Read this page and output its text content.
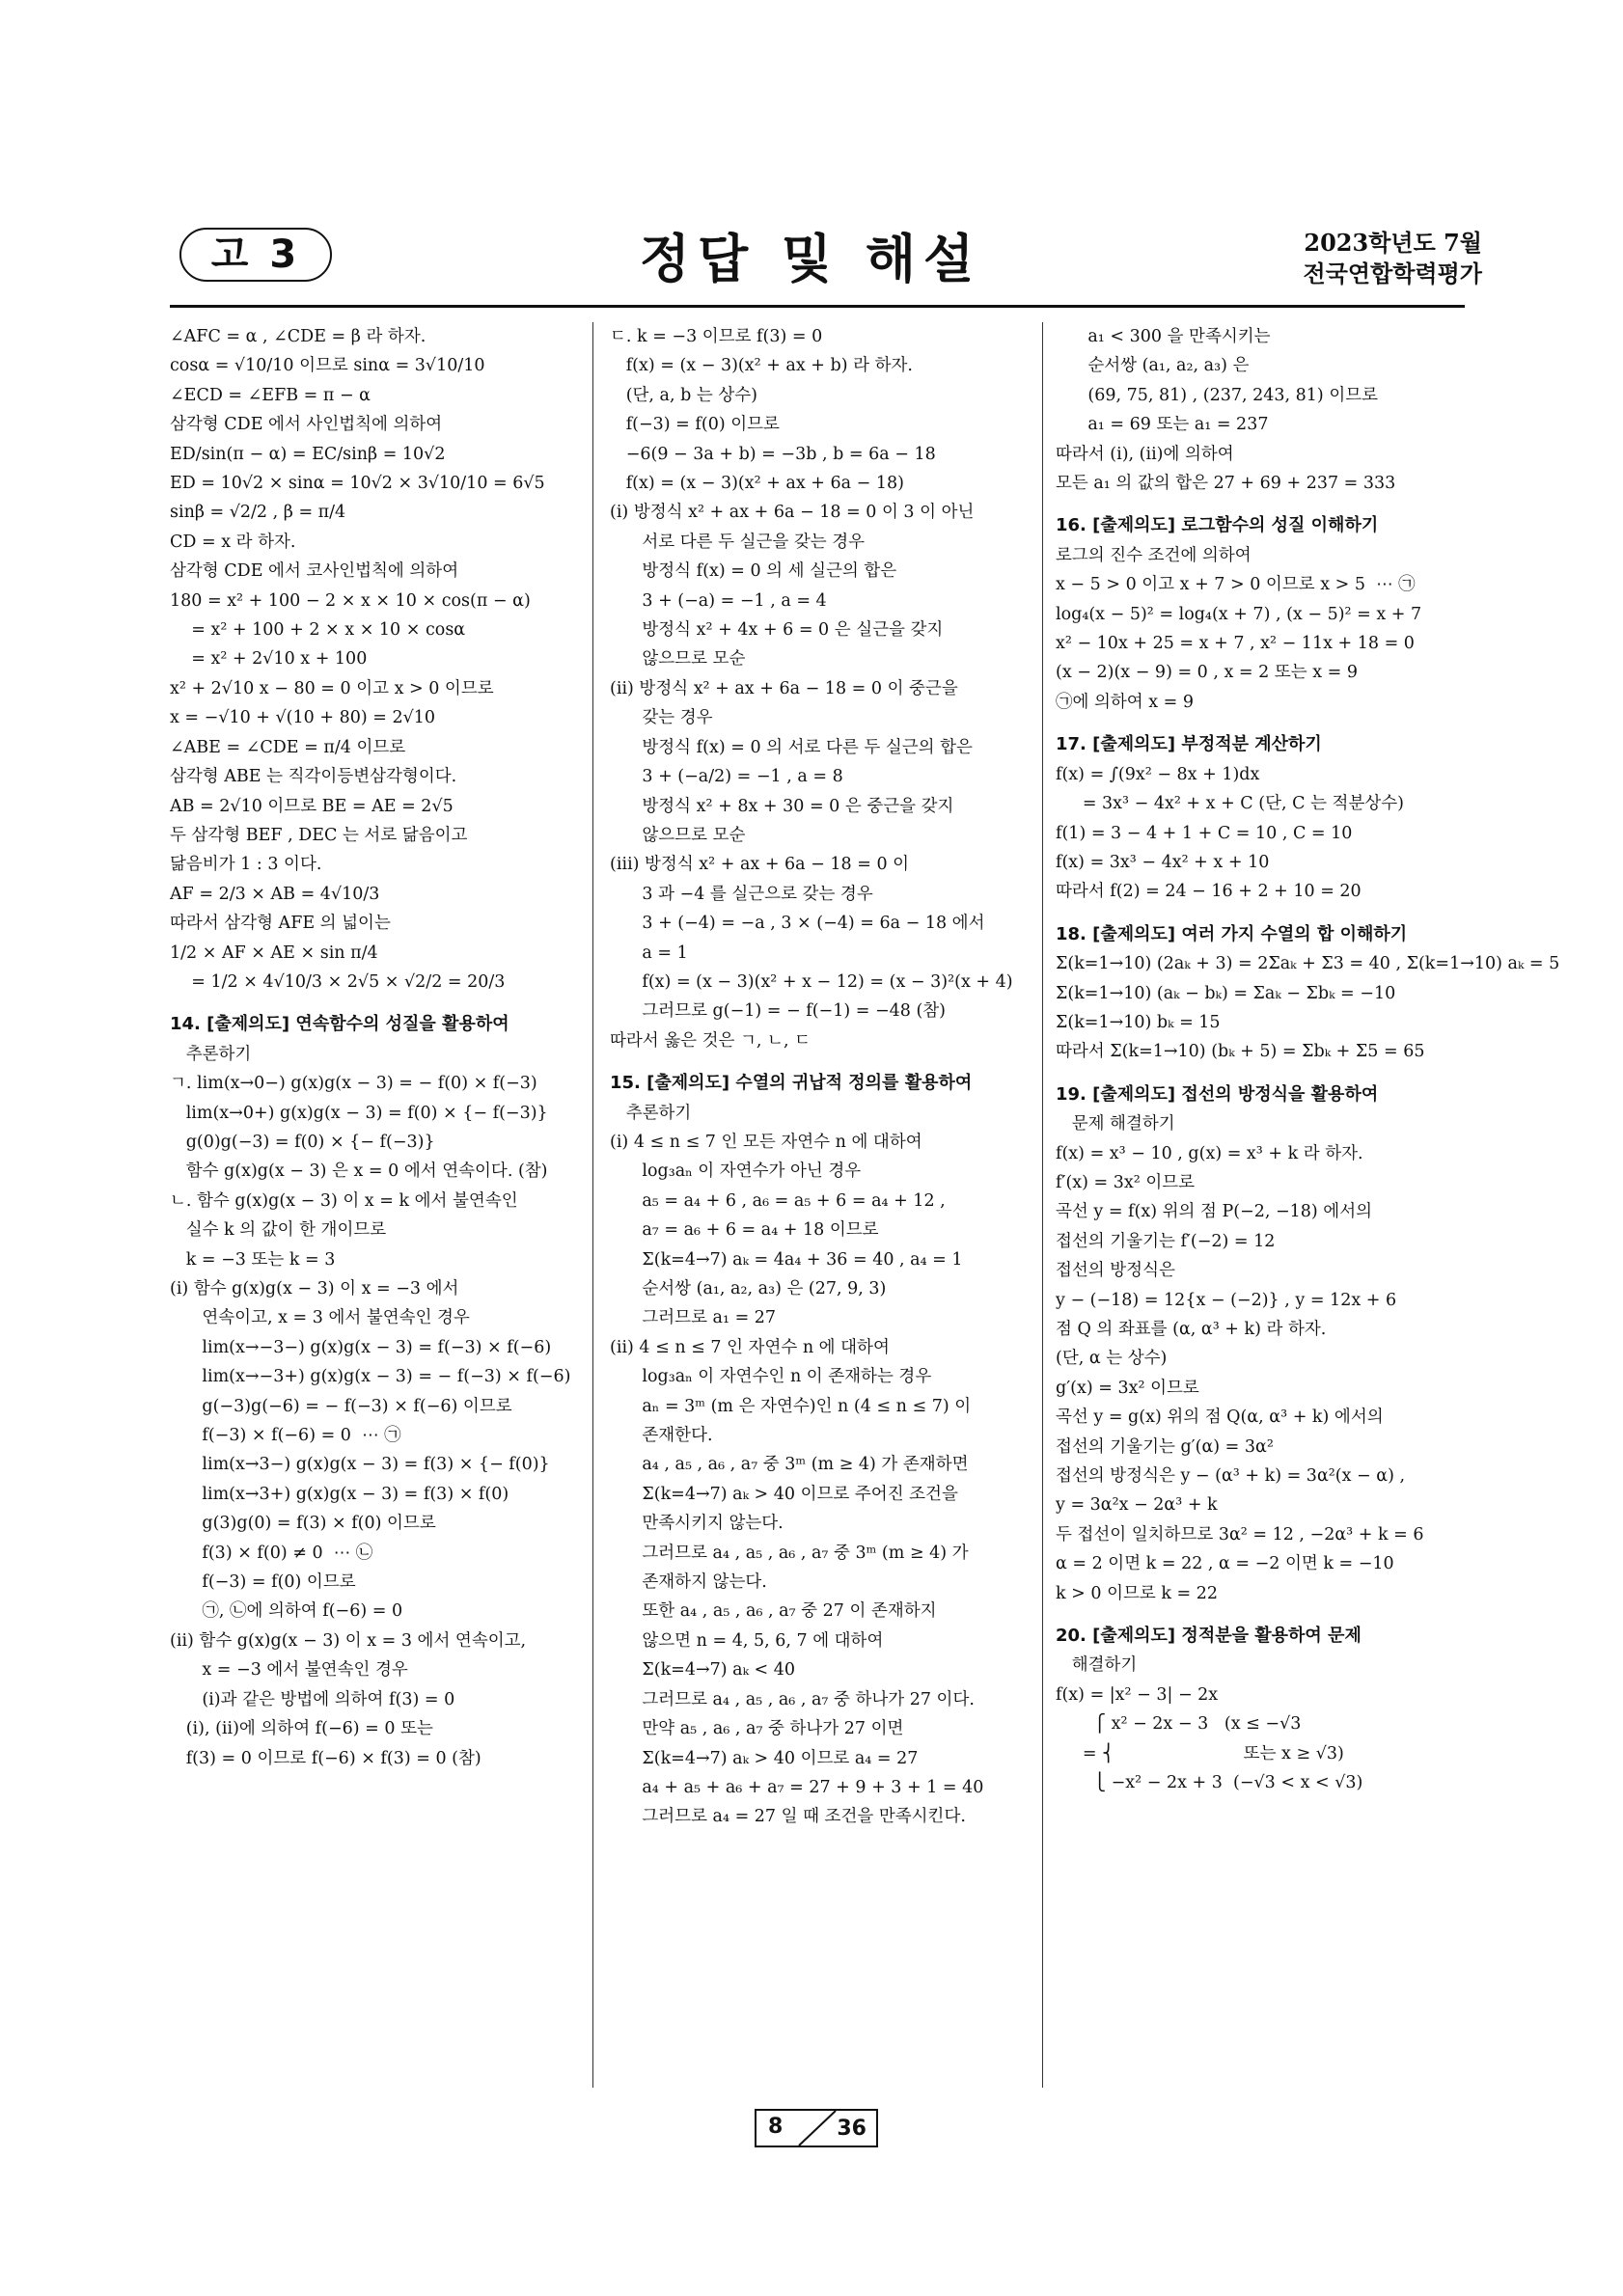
고 3	정답 및 해설	2023학년도 7월
전국연합학력평가
∠AFC = α , ∠CDE = β 라 하자.
cosα = √10/10 이므로 sinα = 3√10/10
∠ECD = ∠EFB = π − α
삼각형 CDE 에서 사인법칙에 의하여
ED/sin(π − α) = EC/sinβ = 10√2
ED = 10√2 × sinα = 10√2 × 3√10/10 = 6√5
sinβ = √2/2 , β = π/4
CD = x 라 하자.
삼각형 CDE 에서 코사인법칙에 의하여
180 = x² + 100 − 2 × x × 10 × cos(π − α)
= x² + 100 + 2 × x × 10 × cosα
= x² + 2√10 x + 100
x² + 2√10 x − 80 = 0 이고 x > 0 이므로
x = −√10 + √(10 + 80) = 2√10
∠ABE = ∠CDE = π/4 이므로
삼각형 ABE 는 직각이등변삼각형이다.
AB = 2√10 이므로 BE = AE = 2√5
두 삼각형 BEF , DEC 는 서로 닮음이고
닮음비가 1 : 3 이다.
AF = 2/3 × AB = 4√10/3
따라서 삼각형 AFE 의 넓이는
1/2 × AF × AE × sin π/4
= 1/2 × 4√10/3 × 2√5 × √2/2 = 20/3
14. [출제의도] 연속함수의 성질을 활용하여
추론하기
ㄱ. lim(x→0−) g(x)g(x − 3) = − f(0) × f(−3)
lim(x→0+) g(x)g(x − 3) = f(0) × {− f(−3)}
g(0)g(−3) = f(0) × {− f(−3)}
함수 g(x)g(x − 3) 은 x = 0 에서 연속이다. (참)
ㄴ. 함수 g(x)g(x − 3) 이 x = k 에서 불연속인
실수 k 의 값이 한 개이므로
k = −3 또는 k = 3
(ⅰ) 함수 g(x)g(x − 3) 이 x = −3 에서
연속이고, x = 3 에서 불연속인 경우
lim(x→−3−) g(x)g(x − 3) = f(−3) × f(−6)
lim(x→−3+) g(x)g(x − 3) = − f(−3) × f(−6)
g(−3)g(−6) = − f(−3) × f(−6) 이므로
f(−3) × f(−6) = 0  ⋯ ㉠
lim(x→3−) g(x)g(x − 3) = f(3) × {− f(0)}
lim(x→3+) g(x)g(x − 3) = f(3) × f(0)
g(3)g(0) = f(3) × f(0) 이므로
f(3) × f(0) ≠ 0  ⋯ ㉡
f(−3) = f(0) 이므로
㉠, ㉡에 의하여 f(−6) = 0
(ⅱ) 함수 g(x)g(x − 3) 이 x = 3 에서 연속이고,
x = −3 에서 불연속인 경우
(ⅰ)과 같은 방법에 의하여 f(3) = 0
(ⅰ), (ⅱ)에 의하여 f(−6) = 0 또는
f(3) = 0 이므로 f(−6) × f(3) = 0 (참)
ㄷ. k = −3 이므로 f(3) = 0
f(x) = (x − 3)(x² + ax + b) 라 하자.
(단, a, b 는 상수)
f(−3) = f(0) 이므로
−6(9 − 3a + b) = −3b , b = 6a − 18
f(x) = (x − 3)(x² + ax + 6a − 18)
(ⅰ) 방정식 x² + ax + 6a − 18 = 0 이 3 이 아닌
서로 다른 두 실근을 갖는 경우
방정식 f(x) = 0 의 세 실근의 합은
3 + (−a) = −1 , a = 4
방정식 x² + 4x + 6 = 0 은 실근을 갖지
않으므로 모순
(ⅱ) 방정식 x² + ax + 6a − 18 = 0 이 중근을
갖는 경우
방정식 f(x) = 0 의 서로 다른 두 실근의 합은
3 + (−a/2) = −1 , a = 8
방정식 x² + 8x + 30 = 0 은 중근을 갖지
않으므로 모순
(ⅲ) 방정식 x² + ax + 6a − 18 = 0 이
3 과 −4 를 실근으로 갖는 경우
3 + (−4) = −a , 3 × (−4) = 6a − 18 에서
a = 1
f(x) = (x − 3)(x² + x − 12) = (x − 3)²(x + 4)
그러므로 g(−1) = − f(−1) = −48 (참)
따라서 옳은 것은 ㄱ, ㄴ, ㄷ
15. [출제의도] 수열의 귀납적 정의를 활용하여
추론하기
(ⅰ) 4 ≤ n ≤ 7 인 모든 자연수 n 에 대하여
log₃aₙ 이 자연수가 아닌 경우
a₅ = a₄ + 6 , a₆ = a₅ + 6 = a₄ + 12 ,
a₇ = a₆ + 6 = a₄ + 18 이므로
Σ(k=4→7) aₖ = 4a₄ + 36 = 40 , a₄ = 1
순서쌍 (a₁, a₂, a₃) 은 (27, 9, 3)
그러므로 a₁ = 27
(ⅱ) 4 ≤ n ≤ 7 인 자연수 n 에 대하여
log₃aₙ 이 자연수인 n 이 존재하는 경우
aₙ = 3ᵐ (m 은 자연수)인 n (4 ≤ n ≤ 7) 이
존재한다.
a₄ , a₅ , a₆ , a₇ 중 3ᵐ (m ≥ 4) 가 존재하면
Σ(k=4→7) aₖ > 40 이므로 주어진 조건을
만족시키지 않는다.
그러므로 a₄ , a₅ , a₆ , a₇ 중 3ᵐ (m ≥ 4) 가
존재하지 않는다.
또한 a₄ , a₅ , a₆ , a₇ 중 27 이 존재하지
않으면 n = 4, 5, 6, 7 에 대하여
Σ(k=4→7) aₖ < 40
그러므로 a₄ , a₅ , a₆ , a₇ 중 하나가 27 이다.
만약 a₅ , a₆ , a₇ 중 하나가 27 이면
Σ(k=4→7) aₖ > 40 이므로 a₄ = 27
a₄ + a₅ + a₆ + a₇ = 27 + 9 + 3 + 1 = 40
그러므로 a₄ = 27 일 때 조건을 만족시킨다.
a₁ < 300 을 만족시키는
순서쌍 (a₁, a₂, a₃) 은
(69, 75, 81) , (237, 243, 81) 이므로
a₁ = 69 또는 a₁ = 237
따라서 (ⅰ), (ⅱ)에 의하여
모든 a₁ 의 값의 합은 27 + 69 + 237 = 333
16. [출제의도] 로그함수의 성질 이해하기
로그의 진수 조건에 의하여
x − 5 > 0 이고 x + 7 > 0 이므로 x > 5  ⋯ ㉠
log₄(x − 5)² = log₄(x + 7) , (x − 5)² = x + 7
x² − 10x + 25 = x + 7 , x² − 11x + 18 = 0
(x − 2)(x − 9) = 0 , x = 2 또는 x = 9
㉠에 의하여 x = 9
17. [출제의도] 부정적분 계산하기
f(x) = ∫(9x² − 8x + 1)dx
= 3x³ − 4x² + x + C (단, C 는 적분상수)
f(1) = 3 − 4 + 1 + C = 10 , C = 10
f(x) = 3x³ − 4x² + x + 10
따라서 f(2) = 24 − 16 + 2 + 10 = 20
18. [출제의도] 여러 가지 수열의 합 이해하기
Σ(k=1→10) (2aₖ + 3) = 2Σaₖ + Σ3 = 40 , Σ(k=1→10) aₖ = 5
Σ(k=1→10) (aₖ − bₖ) = Σaₖ − Σbₖ = −10
Σ(k=1→10) bₖ = 15
따라서 Σ(k=1→10) (bₖ + 5) = Σbₖ + Σ5 = 65
19. [출제의도] 접선의 방정식을 활용하여
문제 해결하기
f(x) = x³ − 10 , g(x) = x³ + k 라 하자.
f′(x) = 3x² 이므로
곡선 y = f(x) 위의 점 P(−2, −18) 에서의
접선의 기울기는 f′(−2) = 12
접선의 방정식은
y − (−18) = 12{x − (−2)} , y = 12x + 6
점 Q 의 좌표를 (α, α³ + k) 라 하자.
(단, α 는 상수)
g′(x) = 3x² 이므로
곡선 y = g(x) 위의 점 Q(α, α³ + k) 에서의
접선의 기울기는 g′(α) = 3α²
접선의 방정식은 y − (α³ + k) = 3α²(x − α) ,
y = 3α²x − 2α³ + k
두 접선이 일치하므로 3α² = 12 , −2α³ + k = 6
α = 2 이면 k = 22 , α = −2 이면 k = −10
k > 0 이므로 k = 22
20. [출제의도] 정적분을 활용하여 문제
해결하기
f(x) = |x² − 3| − 2x
⎧ x² − 2x − 3   (x ≤ −√3
= ⎨                        또는 x ≥ √3)
⎩ −x² − 2x + 3  (−√3 < x < √3)
8	36
